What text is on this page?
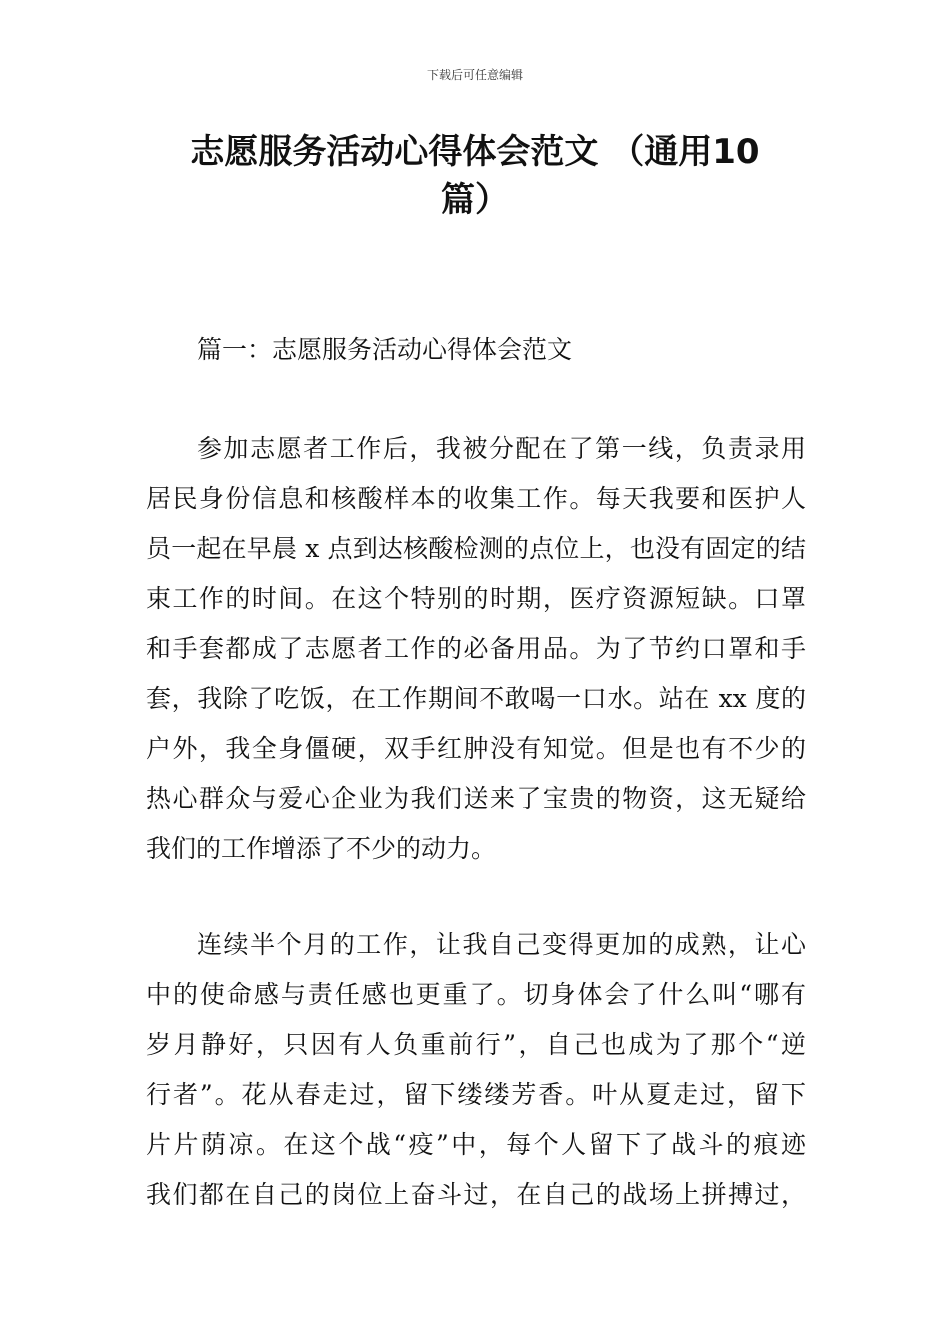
下载后可任意编辑
志愿服务活动心得体会范文 （通用10
篇）
篇一：志愿服务活动心得体会范文
参加志愿者工作后，我被分配在了第一线，负责录用
居民身份信息和核酸样本的收集工作。每天我要和医护人
员一起在早晨 x 点到达核酸检测的点位上，也没有固定的结
束工作的时间。在这个特别的时期，医疗资源短缺。口罩
和手套都成了志愿者工作的必备用品。为了节约口罩和手
套，我除了吃饭，在工作期间不敢喝一口水。站在 xx 度的
户外，我全身僵硬，双手红肿没有知觉。但是也有不少的
热心群众与爱心企业为我们送来了宝贵的物资，这无疑给
我们的工作增添了不少的动力。
连续半个月的工作，让我自己变得更加的成熟，让心
中的使命感与责任感也更重了。切身体会了什么叫“哪有
岁月静好，只因有人负重前行”，自己也成为了那个“逆
行者”。花从春走过，留下缕缕芳香。叶从夏走过，留下
片片荫凉。在这个战“疫”中，每个人留下了战斗的痕迹
我们都在自己的岗位上奋斗过，在自己的战场上拼搏过，
